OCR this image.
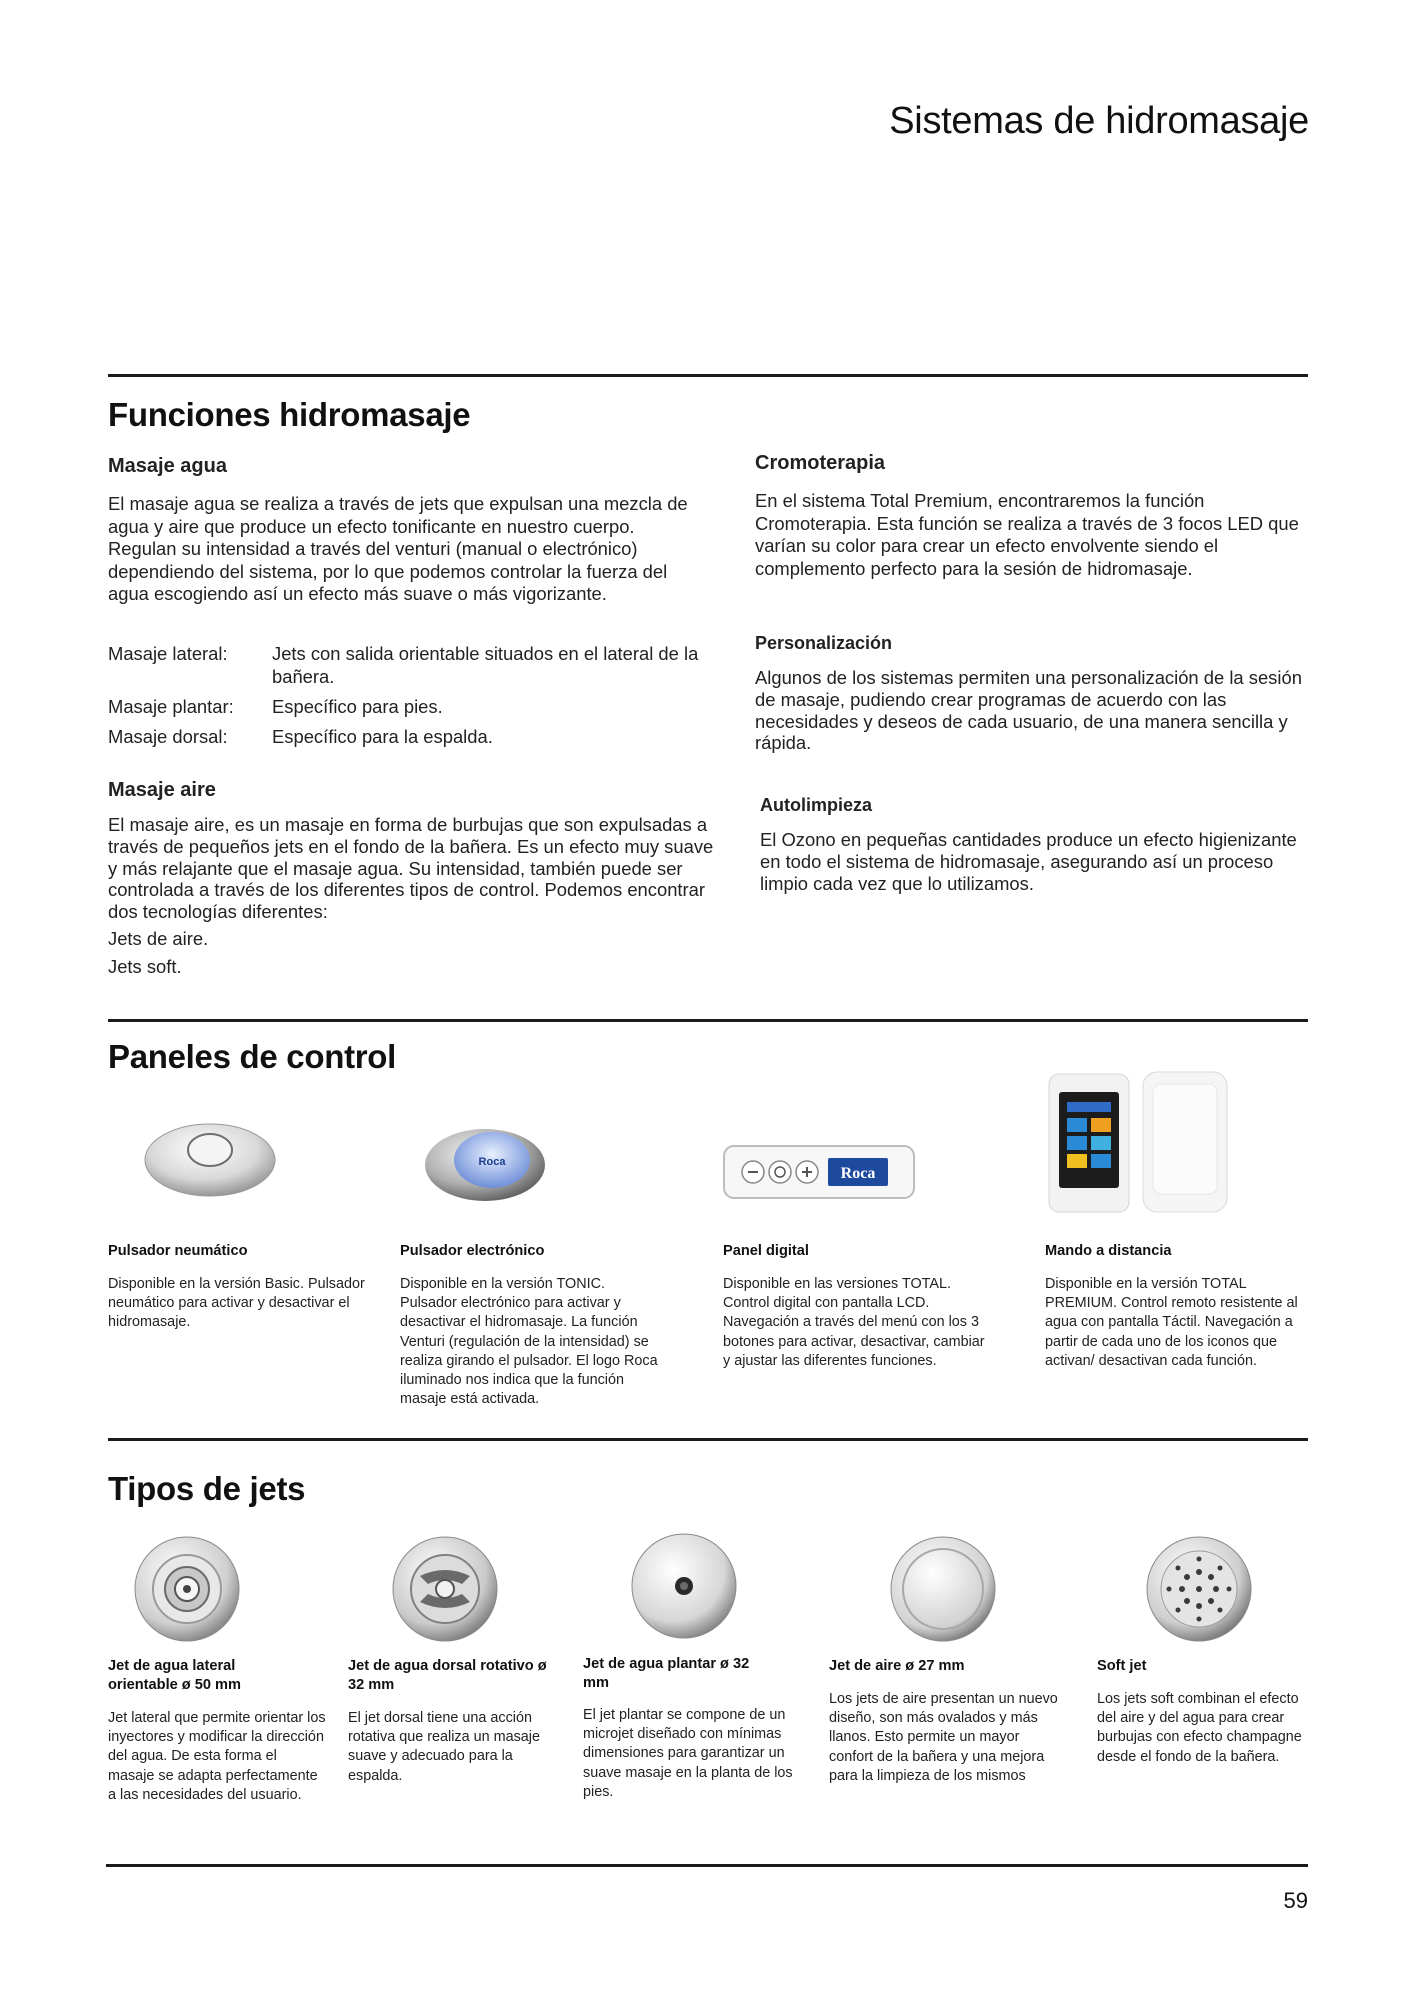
Sistemas de hidromasaje
Funciones hidromasaje
Masaje agua
El masaje agua se realiza a través de jets que expulsan una mezcla de agua y aire que produce un efecto tonificante en nuestro cuerpo. Regulan su intensidad a través del venturi (manual o electrónico) dependiendo del sistema, por lo que podemos controlar la fuerza del agua escogiendo así un efecto más suave o más vigorizante.
Masaje lateral:	Jets con salida orientable situados en el lateral de la bañera.
Masaje plantar:	Específico para pies.
Masaje dorsal:	Específico para la espalda.
Masaje aire
El masaje aire, es un masaje en forma de burbujas que son expulsadas a través de pequeños jets en el fondo de la bañera. Es un efecto muy suave y más relajante que el masaje agua. Su intensidad, también puede ser controlada a través de los diferentes tipos de control. Podemos encontrar dos tecnologías diferentes:
Jets de aire.
Jets soft.
Cromoterapia
En el sistema Total Premium, encontraremos la función Cromoterapia. Esta función se realiza a través de 3 focos LED que varían su color para crear un efecto envolvente siendo el complemento perfecto para la sesión de hidromasaje.
Personalización
Algunos de los sistemas permiten una personalización de la sesión de masaje, pudiendo crear programas de acuerdo con las necesidades y deseos de cada usuario, de una manera sencilla y rápida.
Autolimpieza
El Ozono en pequeñas cantidades produce un efecto higienizante en todo el sistema de hidromasaje, asegurando así un proceso limpio cada vez que lo utilizamos.
Paneles de control
Roca
Roca
Pulsador neumático
Disponible en la versión Basic. Pulsador neumático para activar y desactivar el hidromasaje.
Pulsador electrónico
Disponible en la versión TONIC. Pulsador electrónico para activar y desactivar el hidromasaje. La función Venturi (regulación de la intensidad) se realiza girando el pulsador. El logo Roca iluminado nos indica que la función masaje está activada.
Panel digital
Disponible en las versiones TOTAL. Control digital con pantalla LCD. Navegación a través del menú con los 3 botones para activar, desactivar, cambiar y ajustar las diferentes funciones.
Mando a distancia
Disponible en la versión TOTAL PREMIUM. Control remoto resistente al agua con pantalla Táctil. Navegación a partir de cada uno de los iconos que activan/ desactivan cada función.
Tipos de jets
Jet de agua lateral orientable ø 50 mm
Jet lateral que permite orientar los inyectores y modificar la dirección del agua. De esta forma el masaje se adapta perfectamente a las necesidades del usuario.
Jet de agua dorsal rotativo ø 32 mm
El jet dorsal tiene una acción rotativa que realiza un masaje suave y adecuado para la espalda.
Jet de agua plantar ø 32 mm
El jet plantar se compone de un microjet diseñado con mínimas dimensiones para garantizar un suave masaje en la planta de los pies.
Jet de aire ø 27 mm
Los jets de aire presentan un nuevo diseño, son más ovalados y más llanos. Esto permite un mayor confort de la bañera y una mejora para la limpieza de los mismos
Soft jet
Los jets soft combinan el efecto del aire y del agua para crear burbujas con efecto champagne desde el fondo de la bañera.
59
